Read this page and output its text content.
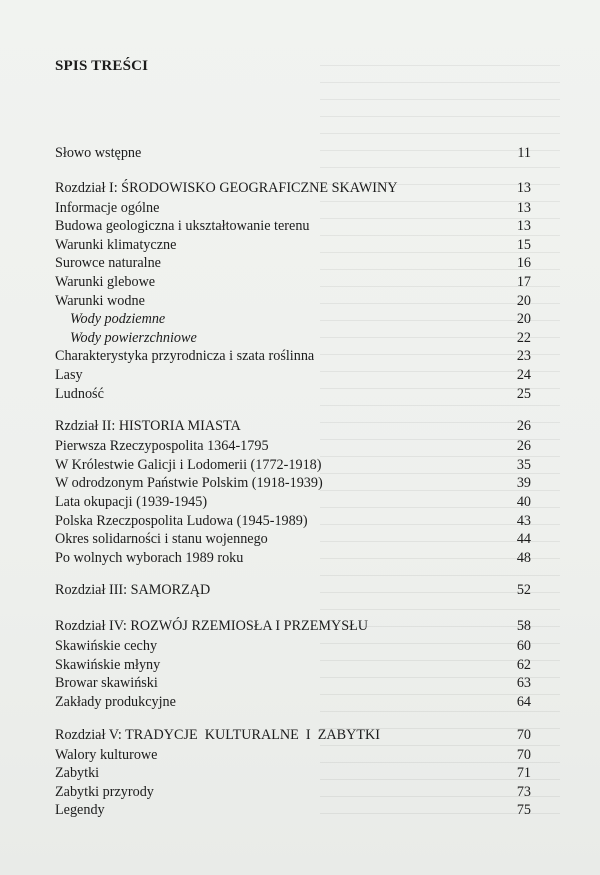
SPIS TREŚCI
Słowo wstępne	11
Rozdział I: ŚRODOWISKO GEOGRAFICZNE SKAWINY	13
Informacje ogólne	13
Budowa geologiczna i ukształtowanie terenu	13
Warunki klimatyczne	15
Surowce naturalne	16
Warunki glebowe	17
Warunki wodne	20
Wody podziemne	20
Wody powierzchniowe	22
Charakterystyka przyrodnicza i szata roślinna	23
Lasy	24
Ludność	25
Rzdział II: HISTORIA MIASTA	26
Pierwsza Rzeczypospolita 1364-1795	26
W Królestwie Galicji i Lodomerii (1772-1918)	35
W odrodzonym Państwie Polskim (1918-1939)	39
Lata okupacji (1939-1945)	40
Polska Rzeczpospolita Ludowa (1945-1989)	43
Okres solidarności i stanu wojennego	44
Po wolnych wyborach 1989 roku	48
Rozdział III: SAMORZĄD	52
Rozdział IV: ROZWÓJ RZEMIOSŁA I PRZEMYSŁU	58
Skawińskie cechy	60
Skawińskie młyny	62
Browar skawiński	63
Zakłady produkcyjne	64
Rozdział V: TRADYCJE  KULTURALNE  I  ZABYTKI	70
Walory kulturowe	70
Zabytki	71
Zabytki przyrody	73
Legendy	75
